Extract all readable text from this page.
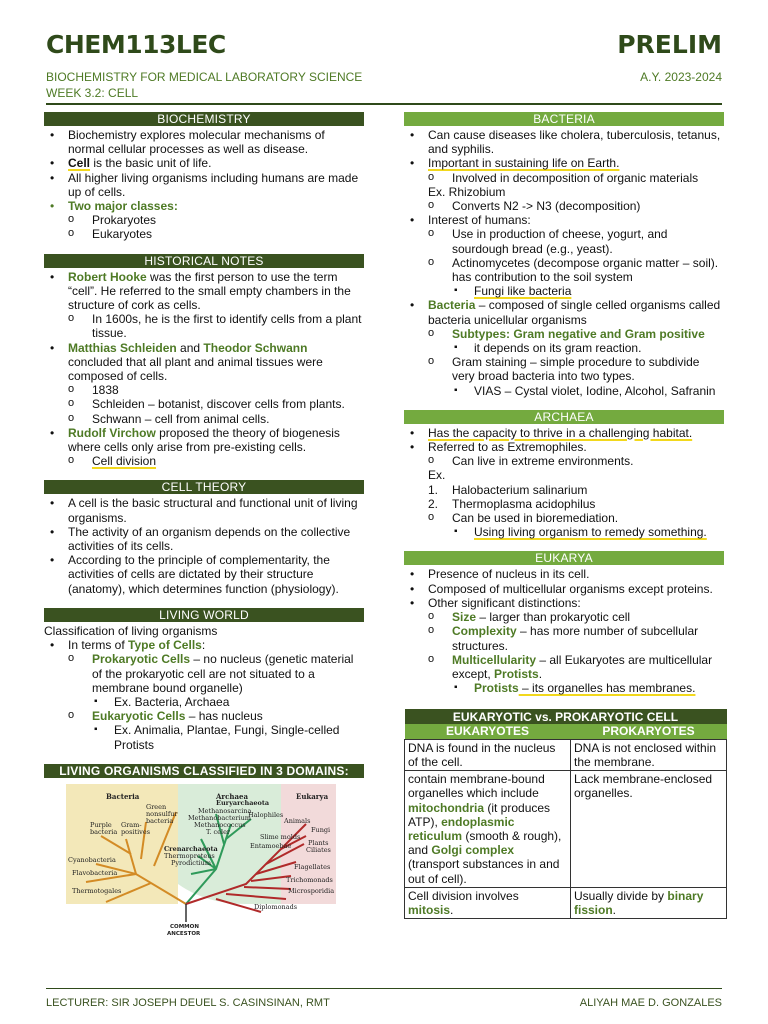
CHEM113LEC	PRELIM
BIOCHEMISTRY FOR MEDICAL LABORATORY SCIENCE
WEEK 3.2: CELL
A.Y. 2023-2024
BIOCHEMISTRY
• Biochemistry explores molecular mechanisms of normal cellular processes as well as disease.
• Cell is the basic unit of life.
• All higher living organisms including humans are made up of cells.
• Two major classes:
o Prokaryotes
o Eukaryotes
HISTORICAL NOTES
• Robert Hooke was the first person to use the term “cell”. He referred to the small empty chambers in the structure of cork as cells.
o In 1600s, he is the first to identify cells from a plant tissue.
• Matthias Schleiden and Theodor Schwann concluded that all plant and animal tissues were composed of cells.
o 1838
o Schleiden – botanist, discover cells from plants.
o Schwann – cell from animal cells.
• Rudolf Virchow proposed the theory of biogenesis where cells only arise from pre-existing cells.
o Cell division
CELL THEORY
• A cell is the basic structural and functional unit of living organisms.
• The activity of an organism depends on the collective activities of its cells.
• According to the principle of complementarity, the activities of cells are dictated by their structure (anatomy), which determines function (physiology).
LIVING WORLD
Classification of living organisms
• In terms of Type of Cells:
o Prokaryotic Cells – no nucleus (genetic material of the prokaryotic cell are not situated to a membrane bound organelle)
▪ Ex. Bacteria, Archaea
o Eukaryotic Cells – has nucleus
▪ Ex. Animalia, Plantae, Fungi, Single-celled Protists
LIVING ORGANISMS CLASSIFIED IN 3 DOMAINS:
Bacteria	Archaea	Eukarya
Green nonsulfur bacteria
Purple bacteria
Gram-positives
Cyanobacteria
Flavobacteria
Thermotogales
Euryarchaeota
Methanosarcina
Methanobacterium
Methanococcus
T. celer
Halophiles
Crenarchaeota
Thermoproteus
Pyrodictium
Animals
Fungi
Slime molds
Plants
Ciliates
Entamoebae
Flagellates
Trichomonads
Microsporidia
Diplomonads
COMMON
ANCESTOR
BACTERIA
• Can cause diseases like cholera, tuberculosis, tetanus, and syphilis.
• Important in sustaining life on Earth.
o Involved in decomposition of organic materials
Ex. Rhizobium
o Converts N2 -> N3 (decomposition)
• Interest of humans:
o Use in production of cheese, yogurt, and sourdough bread (e.g., yeast).
o Actinomycetes (decompose organic matter – soil). has contribution to the soil system
▪ Fungi like bacteria
• Bacteria – composed of single celled organisms called bacteria unicellular organisms
o Subtypes: Gram negative and Gram positive
▪ it depends on its gram reaction.
o Gram staining – simple procedure to subdivide very broad bacteria into two types.
▪ VIAS – Cystal violet, Iodine, Alcohol, Safranin
ARCHAEA
• Has the capacity to thrive in a challenging habitat.
• Referred to as Extremophiles.
o Can live in extreme environments.
Ex.
1. Halobacterium salinarium
2. Thermoplasma acidophilus
o Can be used in bioremediation.
▪ Using living organism to remedy something.
EUKARYA
• Presence of nucleus in its cell.
• Composed of multicellular organisms except proteins.
• Other significant distinctions:
o Size – larger than prokaryotic cell
o Complexity – has more number of subcellular structures.
o Multicellularity – all Eukaryotes are multicellular except, Protists.
▪ Protists – its organelles has membranes.
EUKARYOTIC vs. PROKARYOTIC CELL	
EUKARYOTES	PROKARYOTES
DNA is found in the nucleus of the cell.	DNA is not enclosed within the membrane.
contain membrane-bound organelles which include mitochondria (it produces ATP), endoplasmic reticulum (smooth & rough), and Golgi complex (transport substances in and out of cell).	Lack membrane-enclosed organelles.
Cell division involves mitosis.	Usually divide by binary fission.
LECTURER: SIR JOSEPH DEUEL S. CASINSINAN, RMT	ALIYAH MAE D. GONZALES
